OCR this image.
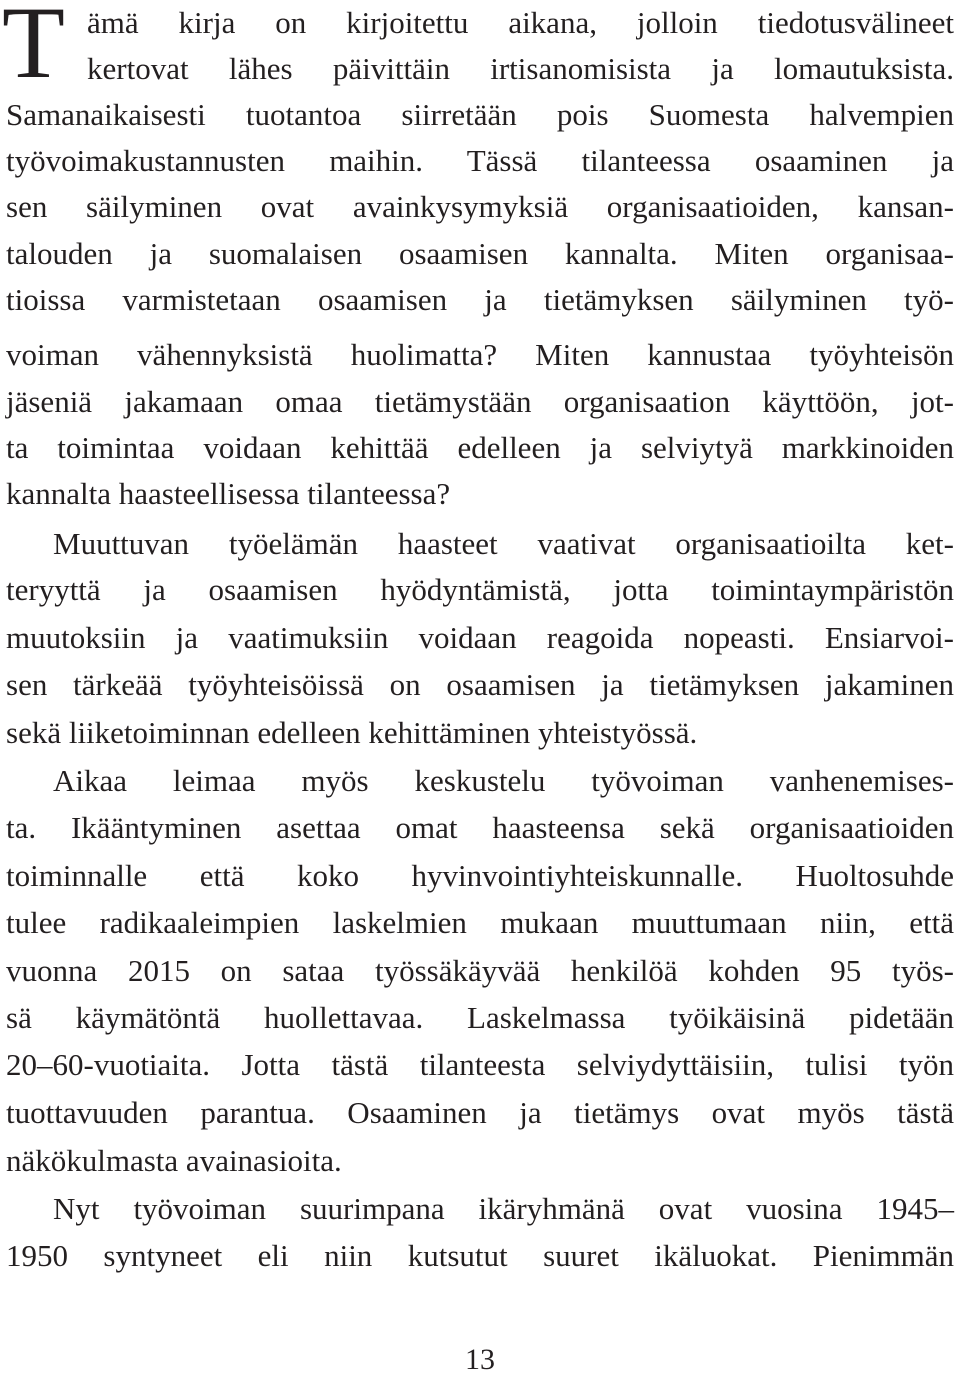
T ämä kirja on kirjoitettu aikana, jolloin tiedotusvälineet
kertovat lähes päivittäin irtisanomisista ja lomautuksista.
Samanaikaisesti tuotantoa siirretään pois Suomesta halvempien
työvoimakustannusten maihin. Tässä tilanteessa osaaminen ja
sen säilyminen ovat avainkysymyksiä organisaatioiden, kansan-
talouden ja suomalaisen osaamisen kannalta. Miten organisaa-
tioissa varmistetaan osaamisen ja tietämyksen säilyminen työ-
voiman vähennyksistä huolimatta? Miten kannustaa työyhteisön
jäseniä jakamaan omaa tietämystään organisaation käyttöön, jot-
ta toimintaa voidaan kehittää edelleen ja selviytyä markkinoiden
kannalta haasteellisessa tilanteessa?
Muuttuvan työelämän haasteet vaativat organisaatioilta ket-
teryyttä ja osaamisen hyödyntämistä, jotta toimintaympäristön
muutoksiin ja vaatimuksiin voidaan reagoida nopeasti. Ensiarvoi-
sen tärkeää työyhteisöissä on osaamisen ja tietämyksen jakaminen
sekä liiketoiminnan edelleen kehittäminen yhteistyössä.
Aikaa leimaa myös keskustelu työvoiman vanhenemises-
ta. Ikääntyminen asettaa omat haasteensa sekä organisaatioiden
toiminnalle että koko hyvinvointiyhteiskunnalle. Huoltosuhde
tulee radikaaleimpien laskelmien mukaan muuttumaan niin, että
vuonna 2015 on sataa työssäkäyvää henkilöä kohden 95 työs-
sä käymätöntä huollettavaa. Laskelmassa työikäisinä pidetään
20–60-vuotiaita. Jotta tästä tilanteesta selviydyttäisiin, tulisi työn
tuottavuuden parantua. Osaaminen ja tietämys ovat myös tästä
näkökulmasta avainasioita.
Nyt työvoiman suurimpana ikäryhmänä ovat vuosina 1945–
1950 syntyneet eli niin kutsutut suuret ikäluokat. Pienimmän
13
